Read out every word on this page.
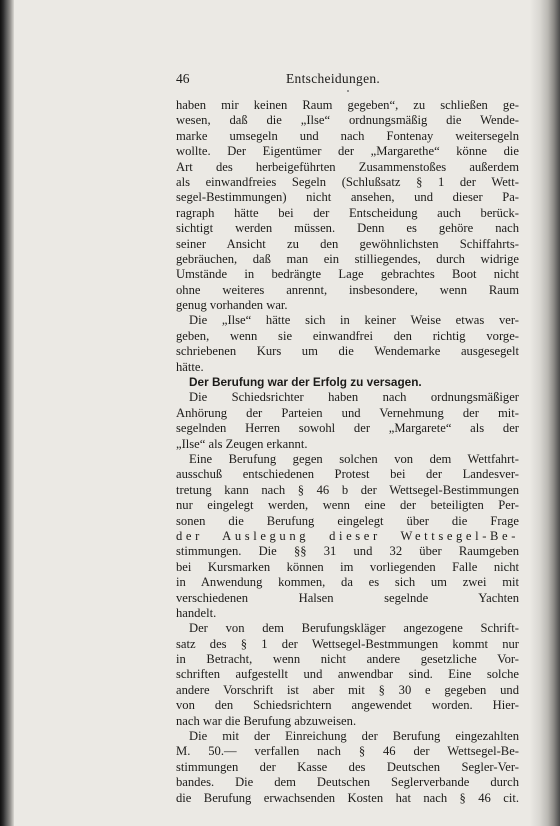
46	Entscheidungen.
haben mir keinen Raum gegeben“, zu schließen ge-
wesen, daß die „Ilse“ ordnungsmäßig die Wende-
marke umsegeln und nach Fontenay weitersegeln
wollte. Der Eigentümer der „Margarethe“ könne die
Art des herbeigeführten Zusammenstoßes außerdem
als einwandfreies Segeln (Schlußsatz § 1 der Wett-
segel-Bestimmungen) nicht ansehen, und dieser Pa-
ragraph hätte bei der Entscheidung auch berück-
sichtigt werden müssen. Denn es gehöre nach
seiner Ansicht zu den gewöhnlichsten Schiffahrts-
gebräuchen, daß man ein stilliegendes, durch widrige
Umstände in bedrängte Lage gebrachtes Boot nicht
ohne weiteres anrennt, insbesondere, wenn Raum
genug vorhanden war.
Die „Ilse“ hätte sich in keiner Weise etwas ver-
geben, wenn sie einwandfrei den richtig vorge-
schriebenen Kurs um die Wendemarke ausgesegelt
hätte.
Der Berufung war der Erfolg zu versagen.
Die Schiedsrichter haben nach ordnungsmäßiger
Anhörung der Parteien und Vernehmung der mit-
segelnden Herren sowohl der „Margarete“ als der
„Ilse“ als Zeugen erkannt.
Eine Berufung gegen solchen von dem Wettfahrt-
ausschuß entschiedenen Protest bei der Landesver-
tretung kann nach § 46 b der Wettsegel-Bestimmungen
nur eingelegt werden, wenn eine der beteiligten Per-
sonen die Berufung eingelegt über die Frage
der Auslegung dieser Wettsegel-Be-
stimmungen. Die §§ 31 und 32 über Raumgeben
bei Kursmarken können im vorliegenden Falle nicht
in Anwendung kommen, da es sich um zwei mit
verschiedenen Halsen segelnde Yachten
handelt.
Der von dem Berufungskläger angezogene Schrift-
satz des § 1 der Wettsegel-Bestmmungen kommt nur
in Betracht, wenn nicht andere gesetzliche Vor-
schriften aufgestellt und anwendbar sind. Eine solche
andere Vorschrift ist aber mit § 30 e gegeben und
von den Schiedsrichtern angewendet worden. Hier-
nach war die Berufung abzuweisen.
Die mit der Einreichung der Berufung eingezahlten
M. 50.— verfallen nach § 46 der Wettsegel-Be-
stimmungen der Kasse des Deutschen Segler-Ver-
bandes. Die dem Deutschen Seglerverbande durch
die Berufung erwachsenden Kosten hat nach § 46 cit.
